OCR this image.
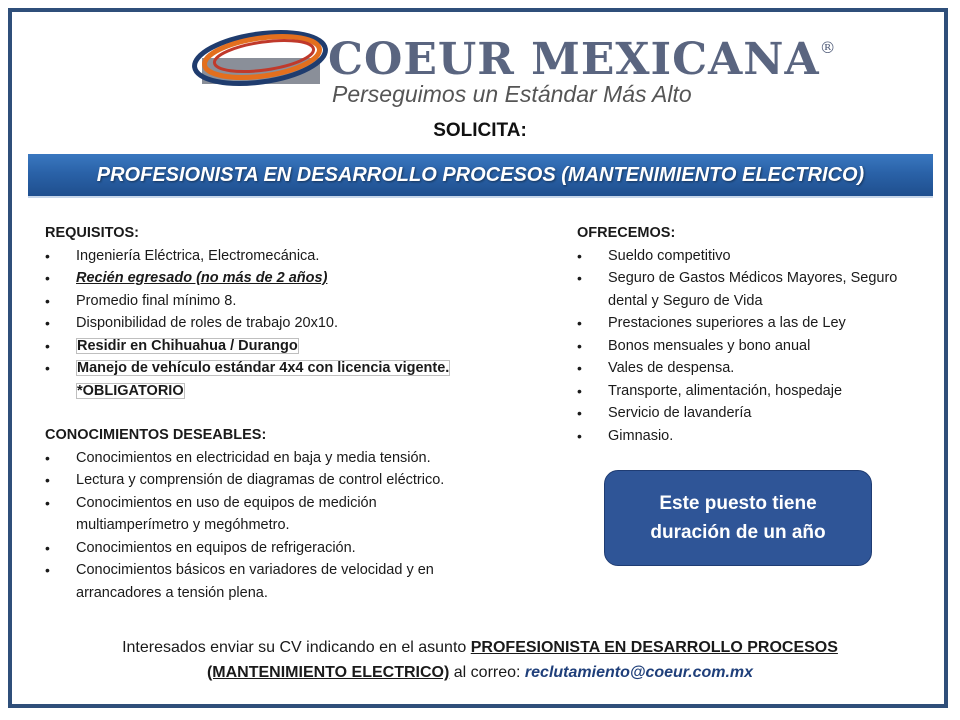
COEUR MEXICANA®
Perseguimos un Estándar Más Alto
SOLICITA:
PROFESIONISTA EN DESARROLLO PROCESOS (MANTENIMIENTO ELECTRICO)
REQUISITOS:
• Ingeniería Eléctrica, Electromecánica.
• Recién egresado (no más de 2 años)
• Promedio final mínimo 8.
• Disponibilidad de roles de trabajo 20x10.
• Residir en Chihuahua / Durango
• Manejo de vehículo estándar 4x4 con licencia vigente.
*OBLIGATORIO
CONOCIMIENTOS DESEABLES:
• Conocimientos en electricidad en baja y media tensión.
• Lectura y comprensión de diagramas de control eléctrico.
• Conocimientos en uso de equipos de medición multiamperímetro y megóhmetro.
• Conocimientos en equipos de refrigeración.
• Conocimientos básicos en variadores de velocidad y en arrancadores a tensión plena.
OFRECEMOS:
• Sueldo competitivo
• Seguro de Gastos Médicos Mayores, Seguro dental y Seguro de Vida
• Prestaciones superiores a las de Ley
• Bonos mensuales y bono anual
• Vales de despensa.
• Transporte, alimentación, hospedaje
• Servicio de lavandería
• Gimnasio.
Este puesto tiene
duración de un año
Interesados enviar su CV indicando en el asunto PROFESIONISTA EN DESARROLLO PROCESOS
(MANTENIMIENTO ELECTRICO) al correo: reclutamiento@coeur.com.mx
